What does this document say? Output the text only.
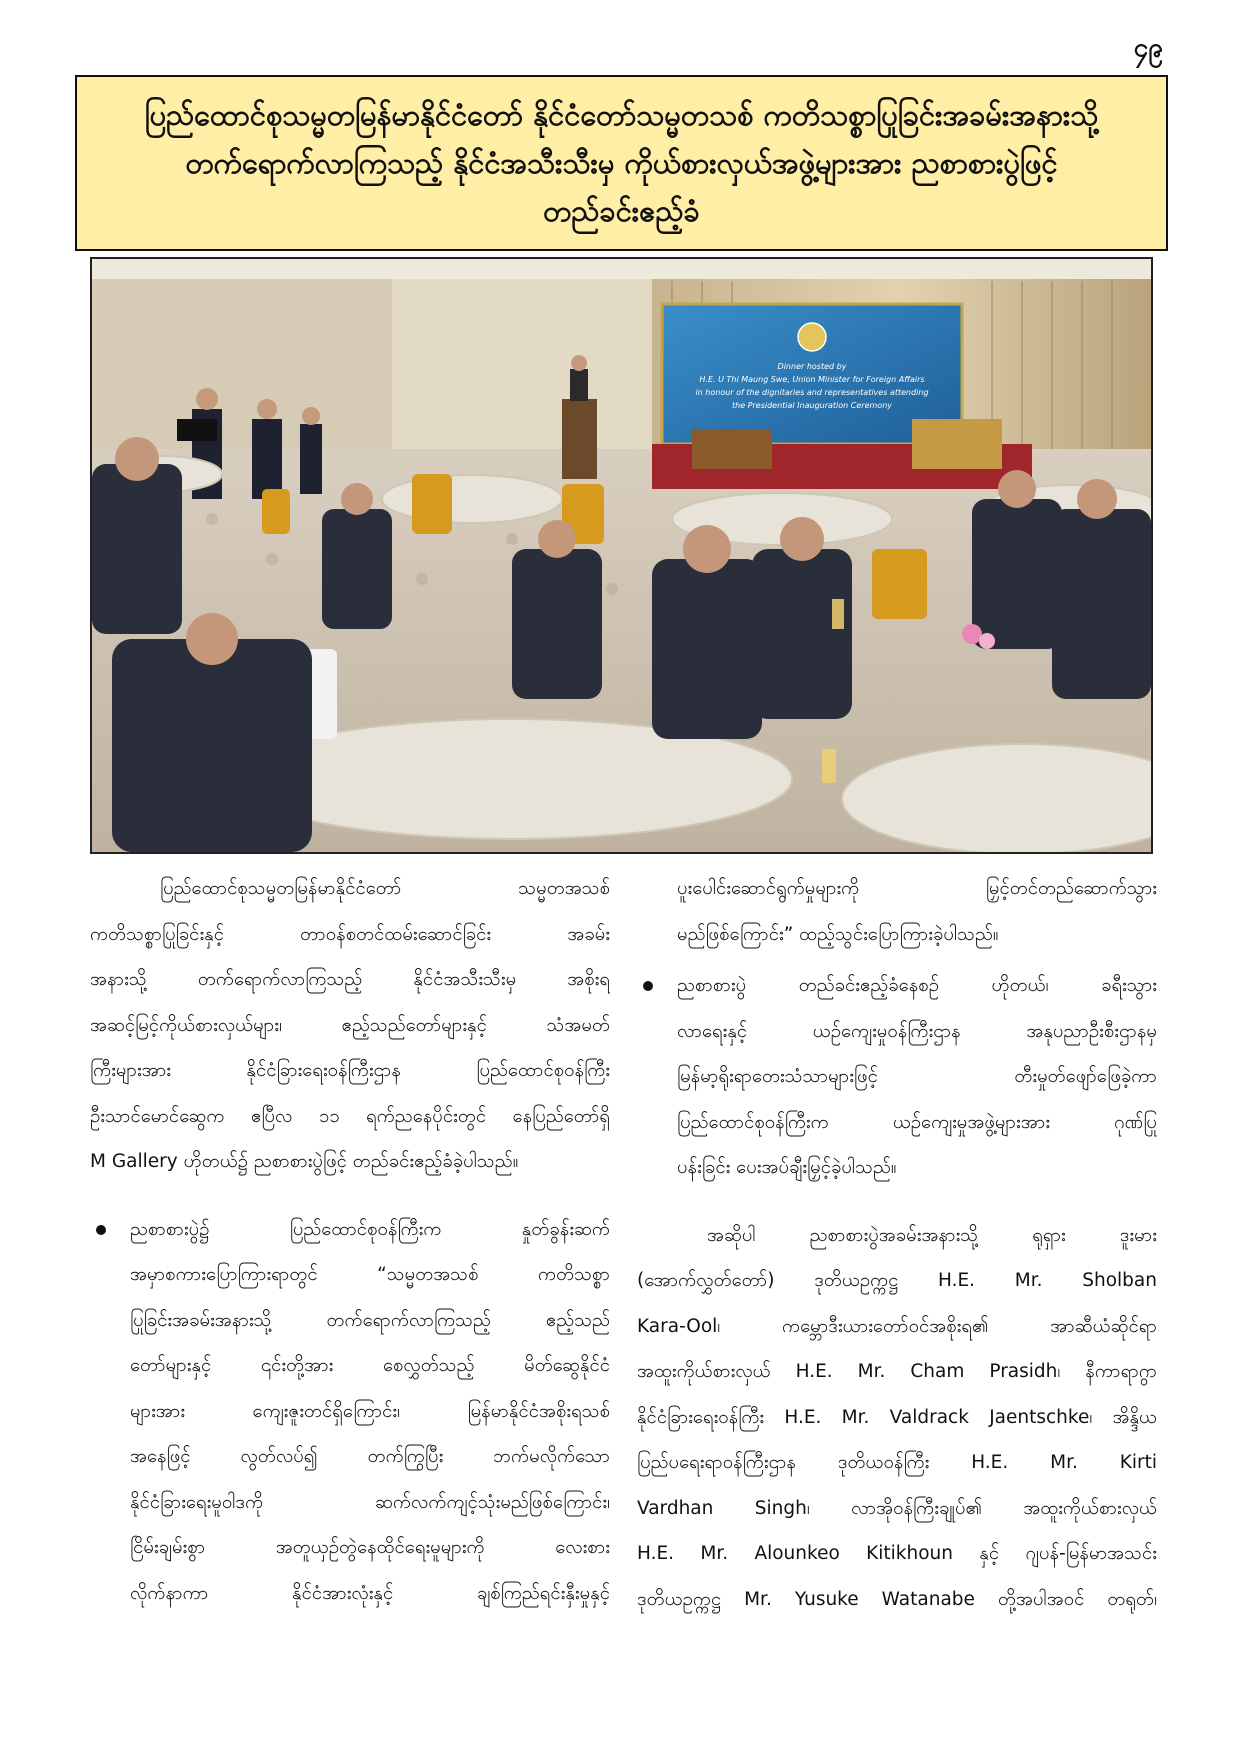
၄၉
ပြည်ထောင်စုသမ္မတမြန်မာနိုင်ငံတော် နိုင်ငံတော်သမ္မတသစ် ကတိသစ္စာပြုခြင်းအခမ်းအနားသို့
တက်ရောက်လာကြသည့် နိုင်ငံအသီးသီးမှ ကိုယ်စားလှယ်အဖွဲ့များအား ညစာစားပွဲဖြင့်
တည်ခင်းဧည့်ခံ
Dinner hosted by
H.E. U Thi Maung Swe, Union Minister for Foreign Affairs
in honour of the dignitaries and representatives attending
the Presidential Inauguration Ceremony
ပြည်ထောင်စုသမ္မတမြန်မာနိုင်ငံတော် သမ္မတအသစ်
ကတိသစ္စာပြုခြင်းနှင့် တာဝန်စတင်ထမ်းဆောင်ခြင်း အခမ်း
အနားသို့ တက်ရောက်လာကြသည့် နိုင်ငံအသီးသီးမှ အစိုးရ
အဆင့်မြင့်ကိုယ်စားလှယ်များ၊ ဧည့်သည်တော်များနှင့် သံအမတ်
ကြီးများအား နိုင်ငံခြားရေးဝန်ကြီးဌာန ပြည်ထောင်စုဝန်ကြီး
ဦးသာင်မောင်ဆွေက ဧပြီလ ၁၁ ရက်ညနေပိုင်းတွင် နေပြည်တော်ရှိ
M Gallery ဟိုတယ်၌ ညစာစားပွဲဖြင့် တည်ခင်းဧည့်ခံခဲ့ပါသည်။
ညစာစားပွဲ၌ ပြည်ထောင်စုဝန်ကြီးက နှုတ်ခွန်းဆက်
အမှာစကားပြောကြားရာတွင် “သမ္မတအသစ် ကတိသစ္စာ
ပြုခြင်းအခမ်းအနားသို့ တက်ရောက်လာကြသည့် ဧည့်သည်
တော်များနှင့် ၎င်းတို့အား စေလွှတ်သည့် မိတ်ဆွေနိုင်ငံ
များအား ကျေးဇူးတင်ရှိကြောင်း၊ မြန်မာနိုင်ငံအစိုးရသစ်
အနေဖြင့် လွတ်လပ်၍ တက်ကြွပြီး ဘက်မလိုက်သော
နိုင်ငံခြားရေးမူဝါဒကို ဆက်လက်ကျင့်သုံးမည်ဖြစ်ကြောင်း၊
ငြိမ်းချမ်းစွာ အတူယှဉ်တွဲနေထိုင်ရေးမူများကို လေးစား
လိုက်နာကာ နိုင်ငံအားလုံးနှင့် ချစ်ကြည်ရင်းနှီးမှုနှင့်
ပူးပေါင်းဆောင်ရွက်မှုများကို မြှင့်တင်တည်ဆောက်သွား
မည်ဖြစ်ကြောင်း” ထည့်သွင်းပြောကြားခဲ့ပါသည်။
ညစာစားပွဲ တည်ခင်းဧည့်ခံနေစဉ် ဟိုတယ်၊ ခရီးသွား
လာရေးနှင့် ယဉ်ကျေးမှုဝန်ကြီးဌာန အနုပညာဦးစီးဌာနမှ
မြန်မာ့ရိုးရာတေးသံသာများဖြင့် တီးမှုတ်ဖျော်ဖြေခဲ့ကာ
ပြည်ထောင်စုဝန်ကြီးက ယဉ်ကျေးမှုအဖွဲ့များအား ဂုဏ်ပြု
ပန်းခြင်း ပေးအပ်ချီးမြှင့်ခဲ့ပါသည်။
အဆိုပါ ညစာစားပွဲအခမ်းအနားသို့ ရုရှား ဒူးမား
(အောက်လွှတ်တော်) ဒုတိယဥက္ကဋ္ဌ H.E. Mr. Sholban
Kara-Ool၊ ကမ္ဘောဒီးယားတော်ဝင်အစိုးရ၏ အာဆီယံဆိုင်ရာ
အထူးကိုယ်စားလှယ် H.E. Mr. Cham Prasidh၊ နီကာရာဂွာ
နိုင်ငံခြားရေးဝန်ကြီး H.E. Mr. Valdrack Jaentschke၊ အိန္ဒိယ
ပြည်ပရေးရာဝန်ကြီးဌာန ဒုတိယဝန်ကြီး H.E. Mr. Kirti
Vardhan Singh၊ လာအိုဝန်ကြီးချုပ်၏ အထူးကိုယ်စားလှယ်
H.E. Mr. Alounkeo Kitikhoun နှင့် ဂျပန်-မြန်မာအသင်း
ဒုတိယဥက္ကဋ္ဌ Mr. Yusuke Watanabe တို့အပါအဝင် တရုတ်၊
